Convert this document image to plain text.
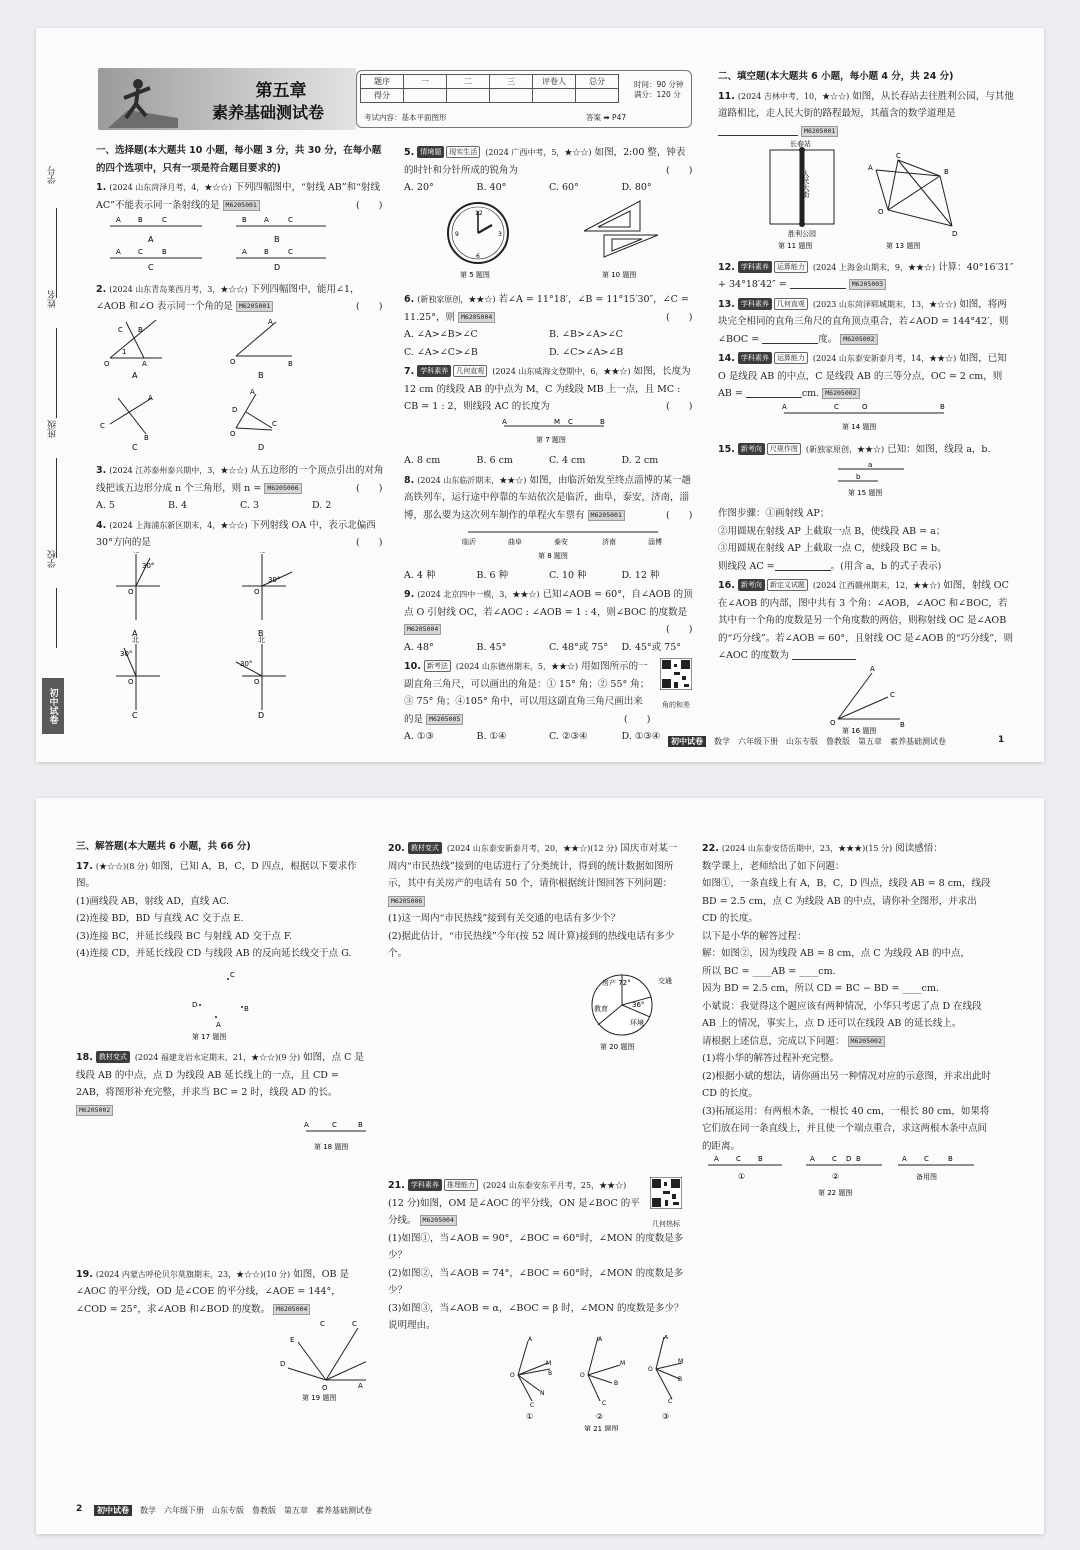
学号
姓名
班级
学校
初中试卷
第五章
素养基础测试卷
题序	一	二	三	评卷人	总分
得分					
时间：90 分钟
满分：120 分
考试内容：基本平面图形	答案 ➡ P47

一、选择题(本大题共 10 小题，每小题 3 分，共 30 分，在每小题的四个选项中，只有一项是符合题目要求的)

1. (2024 山东菏泽月考，4，★☆☆) 下列四幅图中，“射线 AB”和“射线 AC”不能表示同一条射线的是 M6205001	(　　)
A B	C	B A	C
A C	B	A B	C
A	B
C	D
2. (2024 山东青岛莱西月考，3，★☆☆) 下列四幅图中，能用∠1，∠AOB 和∠O 表示同一个角的是 M6205001	(　　)
C B
1
O	A
A
O	B
A
C
B
A
D
C
O
A	B
C	D
3. (2024 江苏泰州泰兴期中，3，★☆☆) 从五边形的一个顶点引出的对角线把该五边形分成 n 个三角形，则 n = M6205006	(　　)
A. 5	B. 4	C. 3	D. 2
4. (2024 上海浦东新区期末，4，★☆☆) 下列射线 OA 中，表示北偏西 30°方向的是	(　　)
30°
O
30°
O
北
30°
O
北
30°
O
A	B
C	D
5. 情境题 现实生活 (2024 广西中考，5，★☆☆) 如图，2:00 整，钟表的时针和分针所成的锐角为	(　　)
A. 20°	B. 40°	C. 60°	D. 80°
12
3
6
9
第 5 题图	第 10 题图
6. (新独家原创，★★☆) 若∠A = 11°18′，∠B = 11°15′30″，∠C = 11.25°，则 M6205004	(　　)
A. ∠A>∠B>∠C	B. ∠B>∠A>∠C
C. ∠A>∠C>∠B	D. ∠C>∠A>∠B
7. 学科素养 几何直观 (2024 山东威海文登期中，6，★★☆) 如图，长度为 12 cm 的线段 AB 的中点为 M，C 为线段 MB 上一点，且 MC : CB = 1 : 2，则线段 AC 的长度为	(　　)
A	M C	B
第 7 题图
A. 8 cm	B. 6 cm	C. 4 cm	D. 2 cm
8. (2024 山东临沂期末，★★☆) 如图，由临沂始发至终点淄博的某一趟高铁列车，运行途中停靠的车站依次是临沂，曲阜，泰安，济南，淄博，那么要为这次列车制作的单程火车票有 M6205001	(　　)
临沂	曲阜	泰安	济南	淄博
第 8 题图
A. 4 种	B. 6 种	C. 10 种	D. 12 种
9. (2024 北京四中一模，3，★★☆) 已知∠AOB = 60°，自∠AOB 的顶点 O 引射线 OC，若∠AOC : ∠AOB = 1 : 4，则∠BOC 的度数是 M6205004	(　　)
A. 48°	B. 45°	C. 48°或 75°	D. 45°或 75°
10. 新考法 (2024 山东德州期末，5，★★☆) 用如图所示的一副直角三角尺，可以画出的角是：① 15° 角；② 55° 角；③ 75° 角；④105° 角中，可以用这副直角三角尺画出来的是 M6205005	(　　)
角的和差
A. ①③	B. ①④	C. ②③④	D. ①③④

二、填空题(本大题共 6 小题，每小题 4 分，共 24 分)

11. (2024 吉林中考，10，★☆☆) 如图，从长春站去往胜利公园，与其他道路相比，走人民大街的路程最短，其蕴含的数学道理是  M6205001
长春站
人民大街
胜利公园
第 11 题图
A
C
B
O
D
第 13 题图
12. 学科素养 运算能力 (2024 上海金山期末，9，★★☆) 计算：40°16′31″ + 34°18′42″ =	M6205003
13. 学科素养 几何直观 (2023 山东菏泽郓城期末，13，★☆☆) 如图，将两块完全相同的直角三角尺的直角顶点重合，若∠AOD = 144°42′，则∠BOC =	度。 M6205002
14. 学科素养 运算能力 (2024 山东泰安新泰月考，14，★★☆) 如图，已知 O 是线段 AB 的中点，C 是线段 AB 的三等分点，OC = 2 cm，则 AB =	cm. M6205002
A	C	O	B
第 14 题图
15. 新考向 尺规作图 (新独家原创，★★☆) 已知：如图，线段 a，b.
a
b
第 15 题图

作图步骤：①画射线 AP；

②用圆规在射线 AP 上截取一点 B，使线段 AB = a；

③用圆规在射线 AP 上截取一点 C，使线段 BC = b。

则线段 AC =	。(用含 a，b 的式子表示)

16. 新考向 新定义试题 (2024 江西赣州期末，12，★★☆) 如图，射线 OC 在∠AOB 的内部，图中共有 3 个角：∠AOB，∠AOC 和∠BOC，若其中有一个角的度数是另一个角度数的两倍，则称射线 OC 是∠AOB 的“巧分线”。若∠AOB = 60°，且射线 OC 是∠AOB 的“巧分线”，则∠AOC 的度数为
A
C
O	B
第 16 题图
初中试卷	数学 六年级下册 山东专版 鲁教版 第五章 素养基础测试卷	1

三、解答题(本大题共 6 小题，共 66 分)

17. (★☆☆)(8 分) 如图，已知 A，B，C，D 四点，根据以下要求作图。

(1)画线段 AB，射线 AD，直线 AC.

(2)连接 BD，BD 与直线 AC 交于点 E.

(3)连接 BC，并延长线段 BC 与射线 AD 交于点 F.

(4)连接 CD，并延长线段 CD 与线段 AB 的反向延长线交于点 G.

C
D	B
A
第 17 题图
18. 教材变式 (2024 福建龙岩永定期末，21，★☆☆)(9 分) 如图，点 C 是线段 AB 的中点，点 D 为线段 AB 延长线上的一点，且 CD = 2AB，将图形补充完整，并求当 BC = 2 时，线段 AD 的长。 M6205002
A	C	B
第 18 题图
19. (2024 内蒙古呼伦贝尔莫旗期末，23，★☆☆)(10 分) 如图，OB 是∠AOC 的平分线，OD 是∠COE 的平分线，∠AOE = 144°，∠COD = 25°，求∠AOB 和∠BOD 的度数。 M6205004
C	C
E
D
O	A
第 19 题图
20. 教材变式 (2024 山东泰安新泰月考，20，★★☆)(12 分) 国庆市对某一周内“市民热线”接到的电话进行了分类统计，得到的统计数据如图所示，其中有关房产的电话有 50 个，请你根据统计图回答下列问题： M6205006

(1)这一周内“市民热线”接到有关交通的电话有多少个？

(2)据此估计，“市民热线”今年(按 52 周计算)接到的热线电话有多少个。

房产 72°	交通
36°
教育
环境
第 20 题图
21. 学科素养 推理能力 (2024 山东泰安东平月考，25，★★☆) (12 分)如图，OM 是∠AOC 的平分线，ON 是∠BOC 的平分线。 M6205004	几何热标

(1)如图①，当∠AOB = 90°，∠BOC = 60°时，∠MON 的度数是多少？

(2)如图②，当∠AOB = 74°，∠BOC = 60°时，∠MON 的度数是多少？

(3)如图③，当∠AOB = α，∠BOC = β 时，∠MON 的度数是多少？说明理由。

A
O
M
B
N
C
A
O
M
B
C
A
O
M
B
C
①	②	③
第 21 题图
22. (2024 山东泰安岱岳期中，23，★★★)(15 分) 阅读感悟：

数学课上，老师给出了如下问题：

如图①，一条直线上有 A，B，C，D 四点，线段 AB = 8 cm，线段 BD = 2.5 cm，点 C 为线段 AB 的中点，请你补全图形，并求出 CD 的长度。

以下是小华的解答过程：

解：如图②，因为线段 AB = 8 cm，点 C 为线段 AB 的中点，

所以 BC = ____AB = ____cm.

因为 BD = 2.5 cm，所以 CD = BC − BD = ____cm.

小斌说：我觉得这个题应该有两种情况，小华只考虑了点 D 在线段 AB 上的情况，事实上，点 D 还可以在线段 AB 的延长线上。

请根据上述信息，完成以下问题： M6205002

(1)将小华的解答过程补充完整。

(2)根据小斌的想法，请你画出另一种情况对应的示意图，并求出此时 CD 的长度。

(3)拓展运用：有两根木条，一根长 40 cm，一根长 80 cm，如果将它们放在同一条直线上，并且使一个端点重合，求这两根木条中点间的距离。

A C B	A C D B	A C	B
①	②	备用图
第 22 题图
2	初中试卷	数学 六年级下册 山东专版 鲁教版 第五章 素养基础测试卷
